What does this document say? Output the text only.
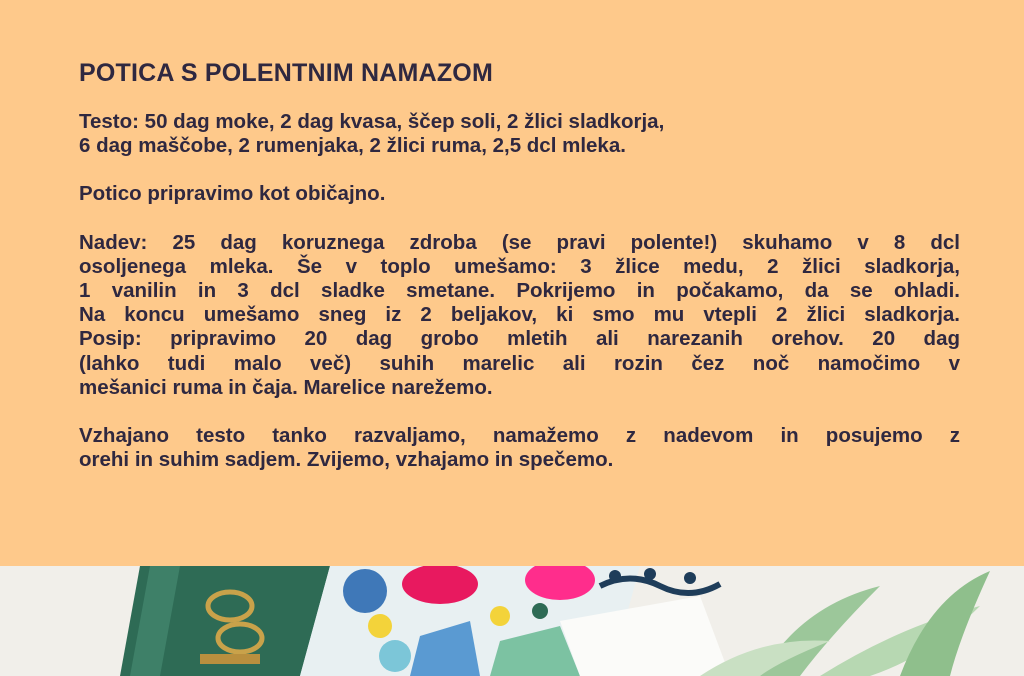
POTICA S POLENTNIM NAMAZOM
Testo: 50 dag moke, 2 dag kvasa, ščep soli, 2 žlici sladkorja,
6 dag maščobe, 2 rumenjaka, 2 žlici ruma, 2,5 dcl mleka.
Potico pripravimo kot običajno.
Nadev: 25 dag koruznega zdroba (se pravi polente!) skuhamo v 8 dcl
osoljenega mleka. Še v toplo umešamo: 3 žlice medu, 2 žlici sladkorja,
1 vanilin in 3 dcl sladke smetane. Pokrijemo in počakamo, da se ohladi.
Na koncu umešamo sneg iz 2 beljakov, ki smo mu vtepli 2 žlici sladkorja.
Posip: pripravimo 20 dag grobo mletih ali narezanih orehov. 20 dag
(lahko tudi malo več) suhih marelic ali rozin čez noč namočimo v
mešanici ruma in čaja. Marelice narežemo.
Vzhajano testo tanko razvaljamo, namažemo z nadevom in posujemo z
orehi in suhim sadjem. Zvijemo, vzhajamo in spečemo.
